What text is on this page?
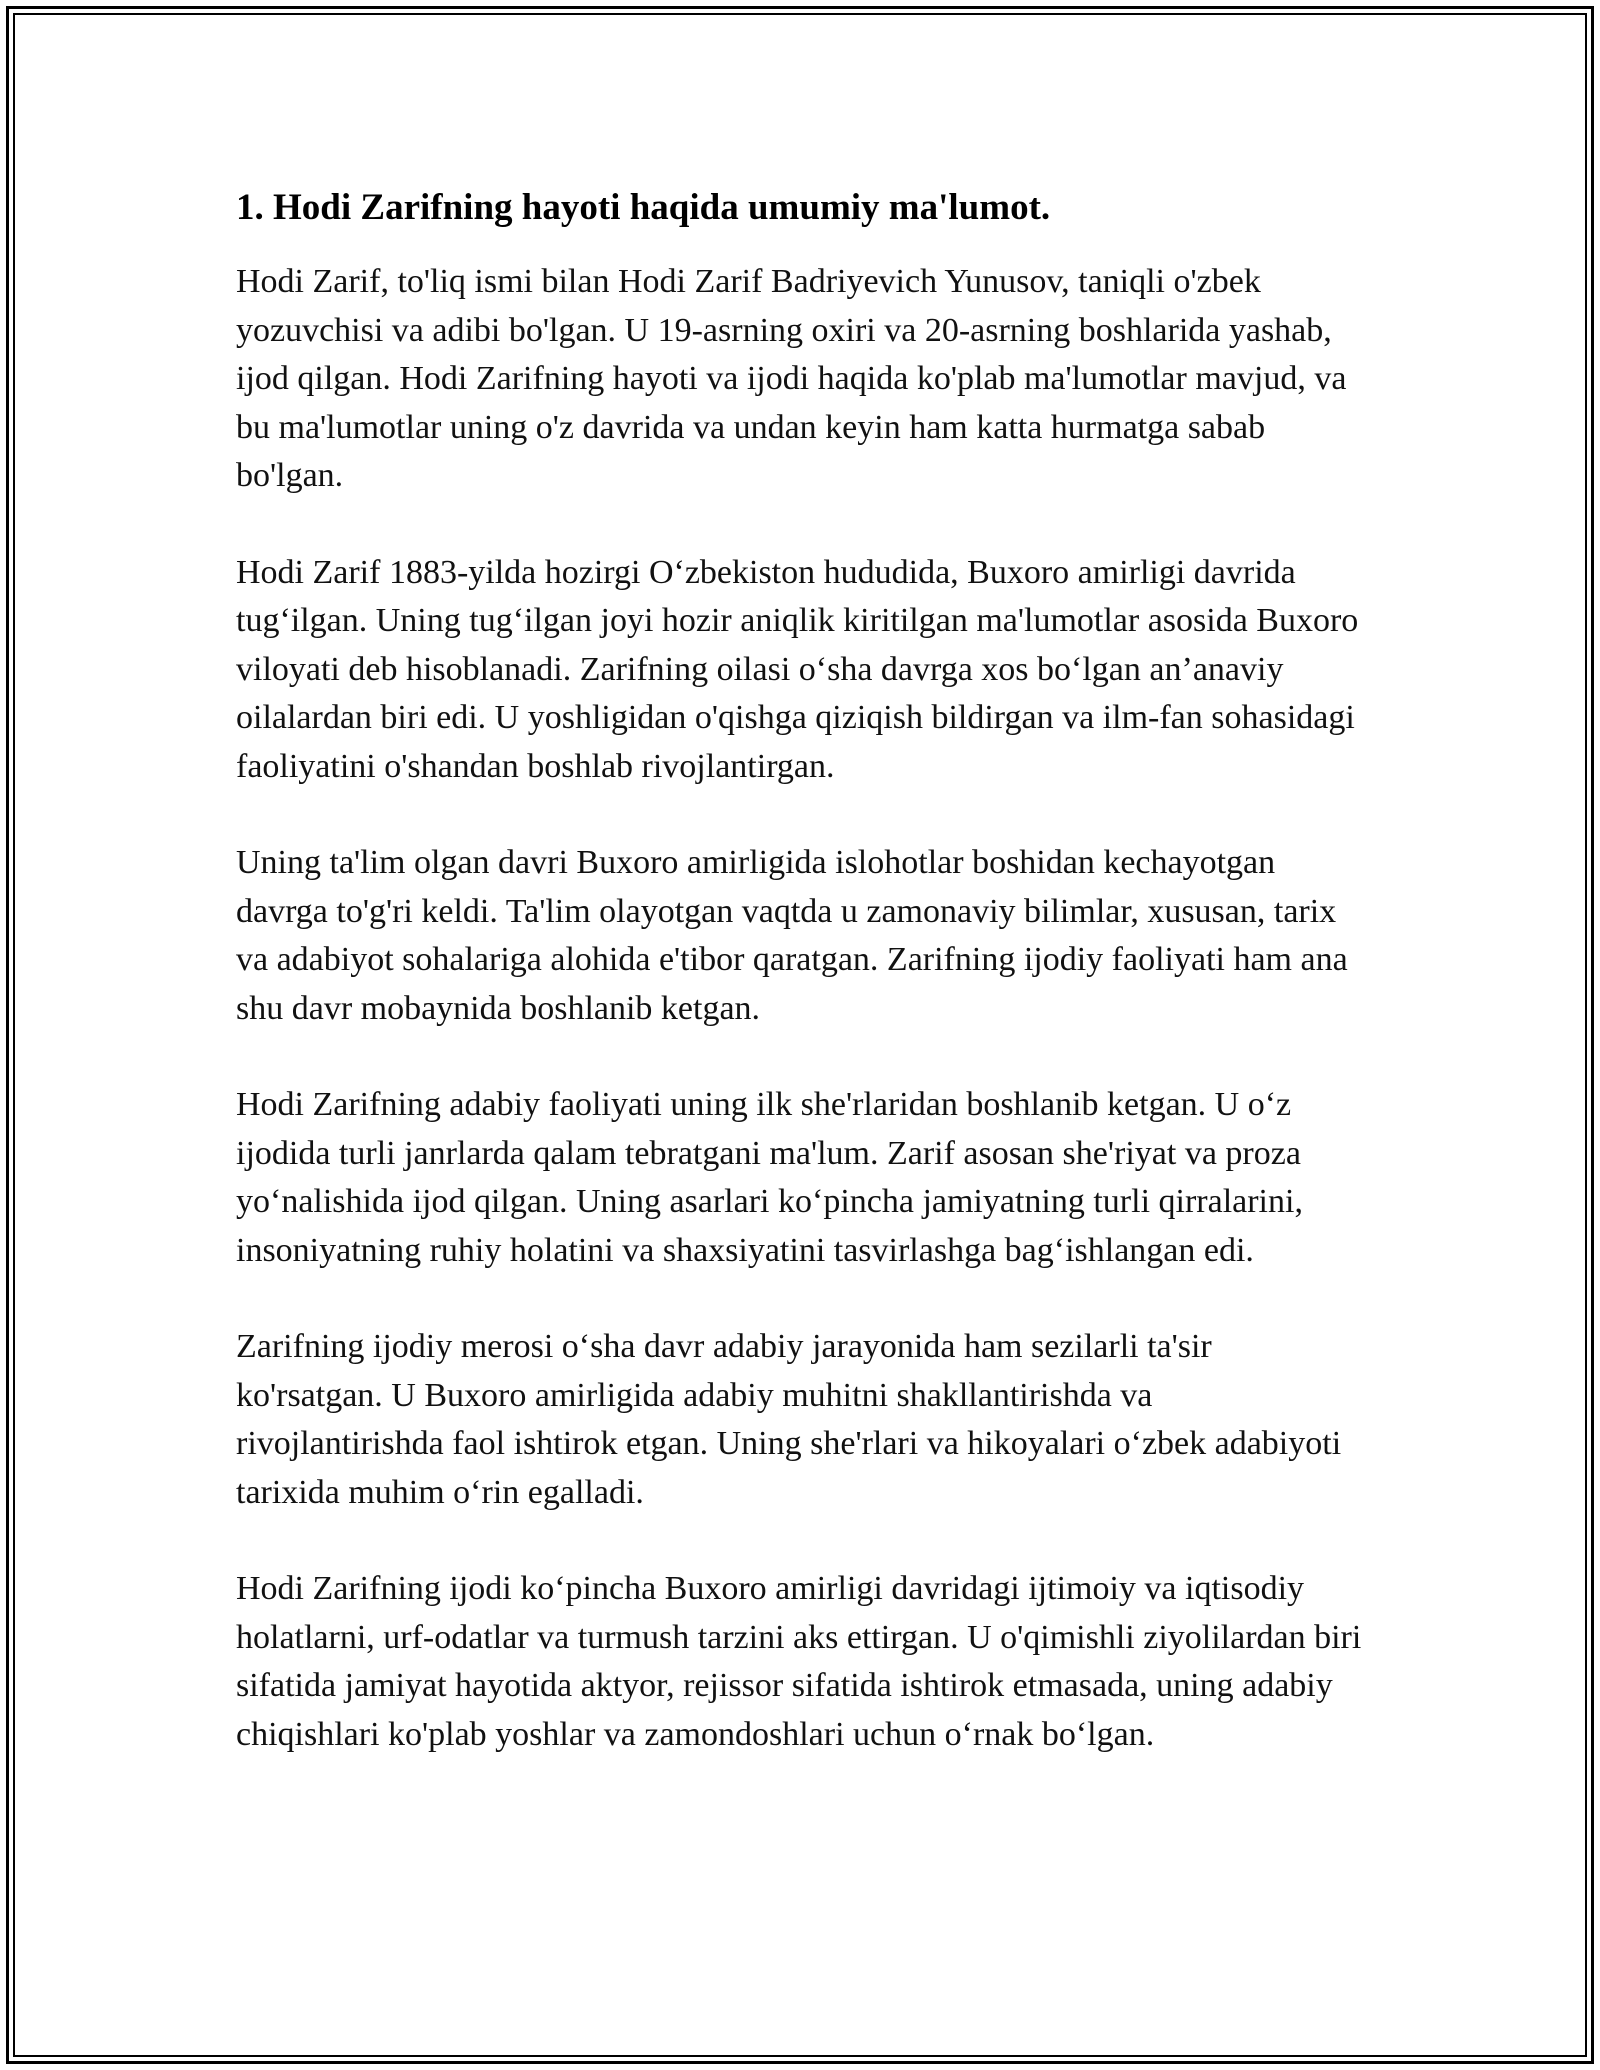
1. Hodi Zarifning hayoti haqida umumiy ma'lumot.

Hodi Zarif, to'liq ismi bilan Hodi Zarif Badriyevich Yunusov, taniqli o'zbek yozuvchisi va adibi bo'lgan. U 19-asrning oxiri va 20-asrning boshlarida yashab, ijod qilgan. Hodi Zarifning hayoti va ijodi haqida ko'plab ma'lumotlar mavjud, va bu ma'lumotlar uning o'z davrida va undan keyin ham katta hurmatga sabab bo'lgan.

Hodi Zarif 1883-yilda hozirgi O‘zbekiston hududida, Buxoro amirligi davrida tug‘ilgan. Uning tug‘ilgan joyi hozir aniqlik kiritilgan ma'lumotlar asosida Buxoro viloyati deb hisoblanadi. Zarifning oilasi o‘sha davrga xos bo‘lgan an’anaviy oilalardan biri edi. U yoshligidan o'qishga qiziqish bildirgan va ilm-fan sohasidagi faoliyatini o'shandan boshlab rivojlantirgan.

Uning ta'lim olgan davri Buxoro amirligida islohotlar boshidan kechayotgan davrga to'g'ri keldi. Ta'lim olayotgan vaqtda u zamonaviy bilimlar, xususan, tarix va adabiyot sohalariga alohida e'tibor qaratgan. Zarifning ijodiy faoliyati ham ana shu davr mobaynida boshlanib ketgan.

Hodi Zarifning adabiy faoliyati uning ilk she'rlaridan boshlanib ketgan. U o‘z ijodida turli janrlarda qalam tebratgani ma'lum. Zarif asosan she'riyat va proza yo‘nalishida ijod qilgan. Uning asarlari ko‘pincha jamiyatning turli qirralarini, insoniyatning ruhiy holatini va shaxsiyatini tasvirlashga bag‘ishlangan edi.

Zarifning ijodiy merosi o‘sha davr adabiy jarayonida ham sezilarli ta'sir ko'rsatgan. U Buxoro amirligida adabiy muhitni shakllantirishda va rivojlantirishda faol ishtirok etgan. Uning she'rlari va hikoyalari o‘zbek adabiyoti tarixida muhim o‘rin egalladi.

Hodi Zarifning ijodi ko‘pincha Buxoro amirligi davridagi ijtimoiy va iqtisodiy holatlarni, urf-odatlar va turmush tarzini aks ettirgan. U o'qimishli ziyolilardan biri sifatida jamiyat hayotida aktyor, rejissor sifatida ishtirok etmasada, uning adabiy chiqishlari ko'plab yoshlar va zamondoshlari uchun o‘rnak bo‘lgan.
